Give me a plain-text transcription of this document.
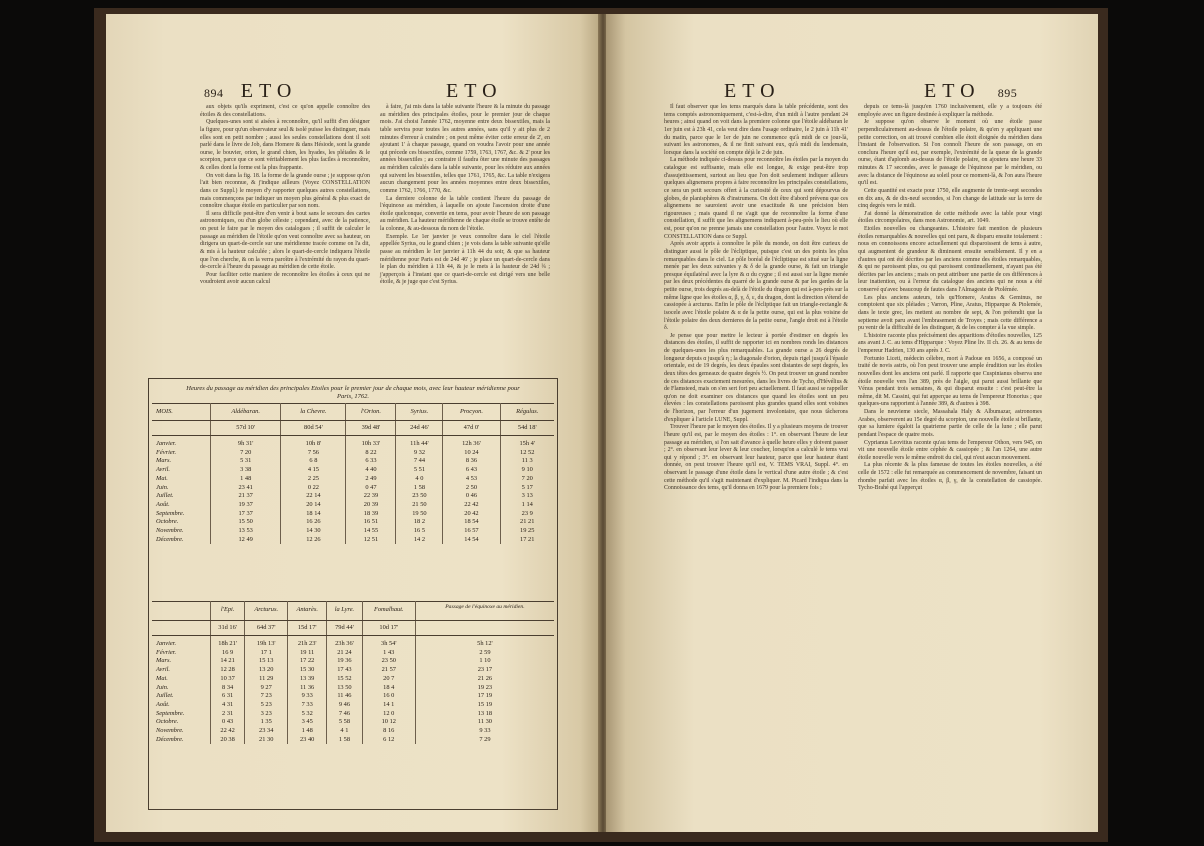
894 ETO	ETO

aux objets qu'ils expriment, c'est ce qu'on appelle connoître des étoiles & des constellations.

Quelques-unes sont si aisées à reconnoître, qu'il suffit d'en désigner la figure, pour qu'un observateur seul & isolé puisse les distinguer, mais elles sont en petit nombre ; aussi les seules constellations dont il soit parlé dans le livre de Job, dans Homere & dans Hésiode, sont la grande ourse, le bouvier, orion, le grand chien, les hyades, les pléiades & le scorpion, parce que ce sont véritablement les plus faciles à reconnoître, & celles dont la forme est la plus frappante.

On voit dans la fig. 18. la forme de la grande ourse ; je suppose qu'on l'ait bien reconnue, & j'indique ailleurs (Voyez CONSTELLATION dans ce Suppl.) le moyen d'y rapporter quelques autres constellations, mais commençons par indiquer un moyen plus général & plus exact de connoître chaque étoile en particulier par son nom.

Il sera difficile peut-être d'en venir à bout sans le secours des cartes astronomiques, ou d'un globe céleste ; cependant, avec de la patience, on peut le faire par le moyen des catalogues ; il suffit de calculer le passage au méridien de l'étoile qu'on veut connoître avec sa hauteur, on dirigera un quart-de-cercle sur une méridienne tracée comme on l'a dit, & mis à la hauteur calculée ; alors le quart-de-cercle indiquera l'étoile que l'on cherche, & on la verra paroître à l'extrémité du rayon du quart-de-cercle à l'heure du passage au méridien de cette étoile.

Pour faciliter cette maniere de reconnoître les étoiles à ceux qui ne voudroient avoir aucun calcul

à faire, j'ai mis dans la table suivante l'heure & la minute du passage au méridien des principales étoiles, pour le premier jour de chaque mois. J'ai choisi l'année 1762, moyenne entre deux bissextiles, mais la table servira pour toutes les autres années, sans qu'il y ait plus de 2 minutes d'erreur à craindre ; on peut même éviter cette erreur de 2', en ajoutant 1' à chaque passage, quand on voudra l'avoir pour une année qui précede ces bissextiles, comme 1759, 1763, 1767, &c. & 2' pour les années bissextiles ; au contraire il faudra ôter une minute des passages au méridien calculés dans la table suivante, pour les réduire aux années qui suivent les bissextiles, telles que 1761, 1765, &c. La table n'exigera aucun changement pour les années moyennes entre deux bissextiles, comme 1762, 1766, 1770, &c.

La derniere colonne de la table contient l'heure du passage de l'équinoxe au méridien, à laquelle on ajoute l'ascension droite d'une étoile quelconque, convertie en tems, pour avoir l'heure de son passage au méridien. La hauteur méridienne de chaque étoile se trouve entête de la colonne, & au-dessous du nom de l'étoile.

Exemple. Le 1er janvier je veux connoître dans le ciel l'étoile appellée Syrius, ou le grand chien ; je vois dans la table suivante qu'elle passe au méridien le 1er janvier à 11h 44 du soir, & que sa hauteur méridienne pour Paris est de 24d 46' ; je place un quart-de-cercle dans le plan du méridien à 11h 44, & je le mets à la hauteur de 24d ¾ ; j'apperçois à l'instant que ce quart-de-cercle est dirigé vers une belle étoile, & je juge que c'est Syrius.

Heures du passage au méridien des principales Etoiles pour le premier jour de chaque mois, avec leur hauteur méridienne pour Paris, 1762.
MOIS.	Aldébaran.	la Chevre.	l'Orion.	Syrius.	Procyon.	Régulus.
	57d 10'	80d 54'	39d 48'	24d 46'	47d 0'	54d 18'
Janvier.	9h 31'	10h 8'	10h 33'	11h 44'	12h 36'	15h 4'
Février.	7 20	7 56	8 22	9 32	10 24	12 52
Mars.	5 31	6 8	6 33	7 44	8 36	11 3
Avril.	3 38	4 15	4 40	5 51	6 43	9 10
Mai.	1 48	2 25	2 49	4 0	4 53	7 20
Juin.	23 41	0 22	0 47	1 58	2 50	5 17
Juillet.	21 37	22 14	22 39	23 50	0 46	3 13
Août.	19 37	20 14	20 39	21 50	22 42	1 14
Septembre.	17 37	18 14	18 39	19 50	20 42	23 9
Octobre.	15 50	16 26	16 51	18 2	18 54	21 21
Novembre.	13 53	14 30	14 55	16 5	16 57	19 25
Décembre.	12 49	12 26	12 51	14 2	14 54	17 21
	l'Epi.	Arcturus.	Antarès.	la Lyre.	Fomalhaut.	Passage de l'équinoxe au méridien.
	31d 16'	64d 37'	15d 17'	79d 44'	10d 17'	
Janvier.	18h 21'	19h 13'	21h 23'	23h 36'	3h 54'	5h 12'
Février.	16 9	17 1	19 11	21 24	1 43	2 59
Mars.	14 21	15 13	17 22	19 36	23 50	1 10
Avril.	12 28	13 20	15 30	17 43	21 57	23 17
Mai.	10 37	11 29	13 39	15 52	20 7	21 26
Juin.	8 34	9 27	11 36	13 50	18 4	19 23
Juillet.	6 31	7 23	9 33	11 46	16 0	17 19
Août.	4 31	5 23	7 33	9 46	14 1	15 19
Septembre.	2 31	3 23	5 32	7 46	12 0	13 18
Octobre.	0 43	1 35	3 45	5 58	10 12	11 30
Novembre.	22 42	23 34	1 48	4 1	8 16	9 33
Décembre.	20 38	21 30	23 40	1 58	6 12	7 29
ETO	ETO 895

Il faut observer que les tems marqués dans la table précédente, sont des tems comptés astronomiquement, c'est-à-dire, d'un midi à l'autre pendant 24 heures ; ainsi quand on voit dans la premiere colonne que l'étoile aldébaran le 1er juin est à 23h 41, cela veut dire dans l'usage ordinaire, le 2 juin à 11h 41' du matin, parce que le 1er de juin ne commence qu'à midi de ce jour-là, suivant les astronomes, & il ne finit suivant eux, qu'à midi du lendemain, lorsque dans la société on compte déjà le 2 de juin.

La méthode indiquée ci-dessus pour reconnoître les étoiles par la moyen du catalogue est suffisante, mais elle est longue, & exige peut-être trop d'assujettissement, surtout au lieu que l'on doit seulement indiquer ailleurs quelques alignemens propres à faire reconnoître les principales constellations, ce sera un petit secours offert à la curiosité de ceux qui sont dépourvus de globes, de planisphères & d'instrumens. On doit être d'abord prévenu que ces alignemens ne sauroient avoir une exactitude & une précision bien rigoureuses ; mais quand il ne s'agit que de reconnoître la forme d'une constellation, il suffit que les alignemens indiquent à-peu-près le lieu où elle est, pour qu'on ne prenne jamais une constellation pour l'autre. Voyez le mot CONSTELLATION dans ce Suppl.

Après avoir appris à connoître le pôle du monde, on doit être curieux de distinguer aussi le pôle de l'écliptique, puisque c'est un des points les plus remarquables dans le ciel. Le pôle boréal de l'écliptique est situé sur la ligne menée par les deux suivantes γ & δ de la grande ourse, & fait un triangle presque équilatéral avec la lyre & α du cygne ; il est aussi sur la ligne menée par les deux précédentes du quarré de la grande ourse & par les gardes de la petite ourse, trois degrés au-delà de l'étoile du dragon qui est à-peu-près sur la même ligne que les étoiles α, β, γ, δ, ε, du dragon, dont la direction s'étend de cassiopée à arcturus. Enfin le pôle de l'écliptique fait un triangle-rectangle & isocele avec l'étoile polaire & α de la petite ourse, qui est la plus voisine de l'étoile polaire des deux dernieres de la petite ourse, l'angle droit est à l'étoile δ.

Je pense que pour mettre le lecteur à portée d'estimer en degrés les distances des étoiles, il suffit de rapporter ici en nombres ronds les distances de quelques-unes les plus remarquables. La grande ourse a 26 degrés de longueur depuis α jusqu'à η ; la diagonale d'orion, depuis rigel jusqu'à l'épaule orientale, est de 19 degrés, les deux épaules sont distantes de sept degrés, les deux têtes des gemeaux de quatre degrés ½. On peut trouver un grand nombre de ces distances exactement mesurées, dans les livres de Tycho, d'Hévélius & de Flamsteed, mais on s'en sert fort peu actuellement. Il faut aussi se rappeller qu'on ne doit examiner ces distances que quand les étoiles sont un peu élevées : les constellations paroissent plus grandes quand elles sont voisines de l'horizon, par l'erreur d'un jugement involontaire, que nous tâcherons d'expliquer à l'article LUNE, Suppl.

Trouver l'heure par le moyen des étoiles. Il y a plusieurs moyens de trouver l'heure qu'il est, par le moyen des étoiles : 1°. en observant l'heure de leur passage au méridien, si l'on sait d'avance à quelle heure elles y doivent passer ; 2°. en observant leur lever & leur coucher, lorsqu'on a calculé le tems vrai qui y répond ; 3°. en observant leur hauteur, parce que leur hauteur étant donnée, on peut trouver l'heure qu'il est, V. TEMS VRAI, Suppl. 4°. en observant le passage d'une étoile dans le vertical d'une autre étoile ; & c'est cette méthode qu'il s'agit maintenant d'expliquer. M. Picard l'indiqua dans la Connoissance des tems, qu'il donna en 1679 pour la premiere fois ;

depuis ce tems-là jusqu'en 1760 inclusivement, elle y a toujours été employée avec un figure destinée à expliquer la méthode.

Je suppose qu'on observe le moment où une étoile passe perpendiculairement au-dessus de l'étoile polaire, & qu'en y appliquant une petite correction, on ait trouvé combien elle étoit éloignée du méridien dans l'instant de l'observation. Si l'on connoît l'heure de son passage, on en conclura l'heure qu'il est, par exemple, l'extrémité de la queue de la grande ourse, étant d'aplomb au-dessus de l'étoile polaire, on ajoutera une heure 33 minutes & 17 secondes, avec le passage de l'équinoxe par le méridien, ou avec la distance de l'équinoxe au soleil pour ce moment-là, & l'on aura l'heure qu'il est.

Cette quantité est exacte pour 1750, elle augmente de trente-sept secondes en dix ans, & de dix-neuf secondes, si l'on change de latitude sur la terre de cinq degrés vers le midi.

J'ai donné la démonstration de cette méthode avec la table pour vingt étoiles circompolaires, dans mon Astronomie, art. 1049.

Etoiles nouvelles ou changeantes. L'histoire fait mention de plusieurs étoiles remarquables & nouvelles qui ont paru, & disparu ensuite totalement : nous en connoissons encore actuellement qui disparoissent de tems à autre, qui augmentent de grandeur & diminuent ensuite sensiblement. Il y en a d'autres qui ont été décrites par les anciens comme des étoiles remarquables, & qui ne paroissent plus, ou qui paroissent continuellement, n'ayant pas été décrites par les anciens ; mais on peut attribuer une partie de ces différences à leur inattention, ou à l'erreur du catalogue des anciens qui ne nous a été conservé qu'avec beaucoup de fautes dans l'Almageste de Ptolémée.

Les plus anciens auteurs, tels qu'Homere, Aratus & Geminus, ne comptoient que six pléiades ; Varron, Pline, Aratus, Hipparque & Ptolemée, dans le texte grec, les mettent au nombre de sept, & l'on prétendit que la septieme avoit paru avant l'embrasement de Troyes ; mais cette différence a pu venir de la difficulté de les distinguer, & de les compter à la vue simple.

L'histoire raconte plus précisément des apparitions d'étoiles nouvelles, 125 ans avant J. C. au tems d'Hipparque : Voyez Pline liv. II ch. 26. & au tems de l'empereur Hadrien, 130 ans après J. C.

Fortunio Liceti, médecin célebre, mort à Padoue en 1656, a composé un traité de novis astris, où l'on peut trouver une ample érudition sur les étoiles nouvelles dont les anciens ont parlé. Il rapporte que Cuspinianus observa une étoile nouvelle vers l'an 389, près de l'aigle, qui parut aussi brillante que Vénus pendant trois semaines, & qui disparut ensuite : c'est peut-être la même, dit M. Cassini, qui fut apperçue au tems de l'empereur Honorius ; que quelques-uns rapportent à l'année 389, & d'autres à 398.

Dans le neuvieme siecle, Massahala Haly & Albumazar, astronomes Arabes, observerent au 15e degré du scorpion, une nouvelle étoile si brillante, que sa lumiere égaloit la quatrieme partie de celle de la lune ; elle parut pendant l'espace de quatre mois.

Cyprianus Leovitius raconte qu'au tems de l'empereur Othon, vers 945, on vit une nouvelle étoile entre céphée & cassiopée ; & l'an 1264, une autre étoile nouvelle vers le même endroit du ciel, qui n'eut aucun mouvement.

La plus récente & la plus fameuse de toutes les étoiles nouvelles, a été celle de 1572 : elle fut remarquée au commencement de novembre, faisant un rhombe parfait avec les étoiles α, β, γ, de la constellation de cassiopée. Tycho-Brahé qui l'apperçut
